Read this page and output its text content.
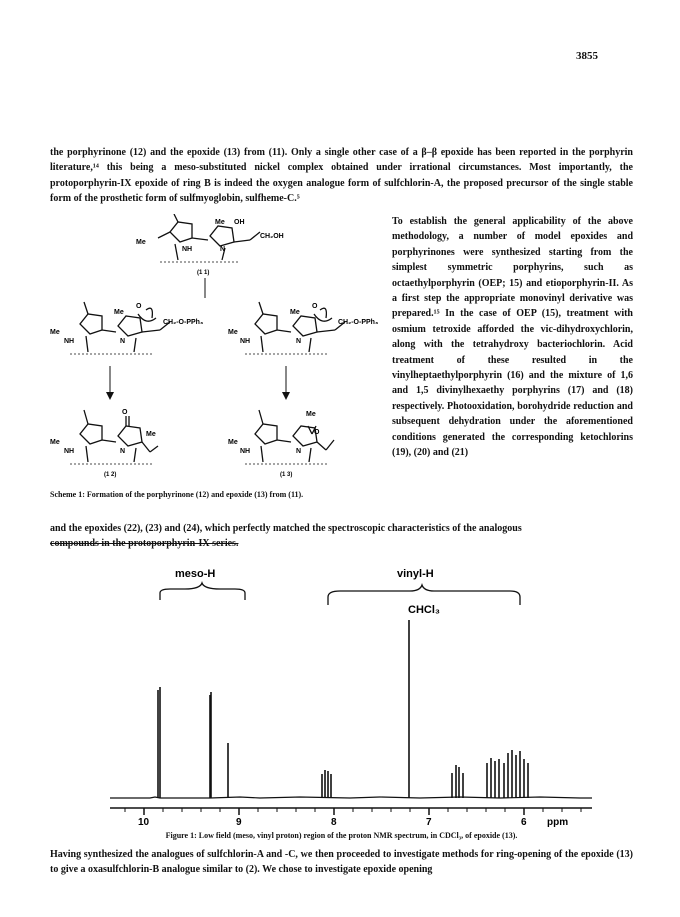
3855

the porphyrinone (12) and the epoxide (13) from (11). Only a single other case of a β–β epoxide has been reported in the porphyrin literature,¹⁴ this being a meso-substituted nickel complex obtained under irrational circumstances. Most importantly, the protoporphyrin-IX epoxide of ring B is indeed the oxygen analogue form of sulfchlorin-A, the proposed precursor of the single stable form of the prosthetic form of sulfmyoglobin, sulfheme-C.⁵

Me
Me OH
CH₂OH
NH	N
(1 1)
Me
Me
O
CH₂-O-PPh₃
NH	N
Me
Me
O
CH₂-O-PPh₃
NH	N
O
Me
Me
NH	N
(1 2)
Me
O
Me
NH	N
(1 3)
Scheme 1: Formation of the porphyrinone (12) and epoxide (13) from (11).

To establish the general applicability of the above methodology, a number of model epoxides and porphyrinones were synthesized starting from the simplest symmetric porphyrins, such as octaethylporphyrin (OEP; 15) and etioporphyrin-II. As a first step the appropriate monovinyl derivative was prepared.¹⁵ In the case of OEP (15), treatment with osmium tetroxide afforded the vic-dihydroxychlorin, along with the tetrahydroxy bacteriochlorin. Acid treatment of these resulted in the vinylheptaethylporphyrin (16) and the mixture of 1,6 and 1,5 divinylhexaethy porphyrins (17) and (18) respectively. Photooxidation, borohydride reduction and subsequent dehydration under the aforementioned conditions generated the corresponding ketochlorins (19), (20) and (21)

and the epoxides (22), (23) and (24), which perfectly matched the spectroscopic characteristics of the analogous
compounds in the protoporphyrin-IX series.

meso-H	vinyl-H
CHCl₃
10	9	8	7	6 ppm
Figure 1: Low field (meso, vinyl proton) region of the proton NMR spectrum, in CDCl₃, of epoxide (13).

Having synthesized the analogues of sulfchlorin-A and -C, we then proceeded to investigate methods for ring-opening of the epoxide (13) to give a oxasulfchlorin-B analogue similar to (2). We chose to investigate epoxide opening
